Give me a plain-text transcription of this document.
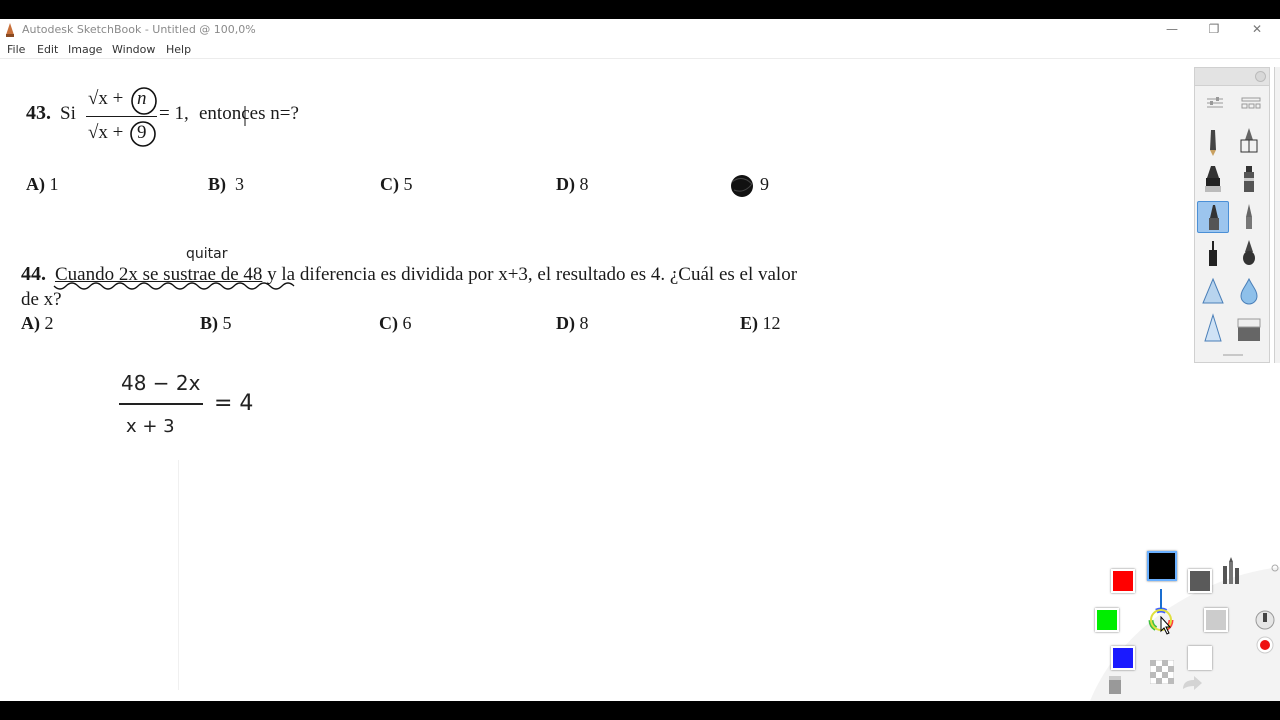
Autodesk SketchBook - Untitled @ 100,0%	—	❐	✕
File Edit Image Window Help
43. Si
√x + n
√x + 9
= 1, entonces n=?
A) 1	B) 3	C) 5	D) 8	9
quitar
44. Cuando 2x se sustrae de 48 y la diferencia es dividida por x+3, el resultado es 4. ¿Cuál es el valor
de x?
A) 2	B) 5	C) 6	D) 8	E) 12
48 − 2x
x + 3
= 4
